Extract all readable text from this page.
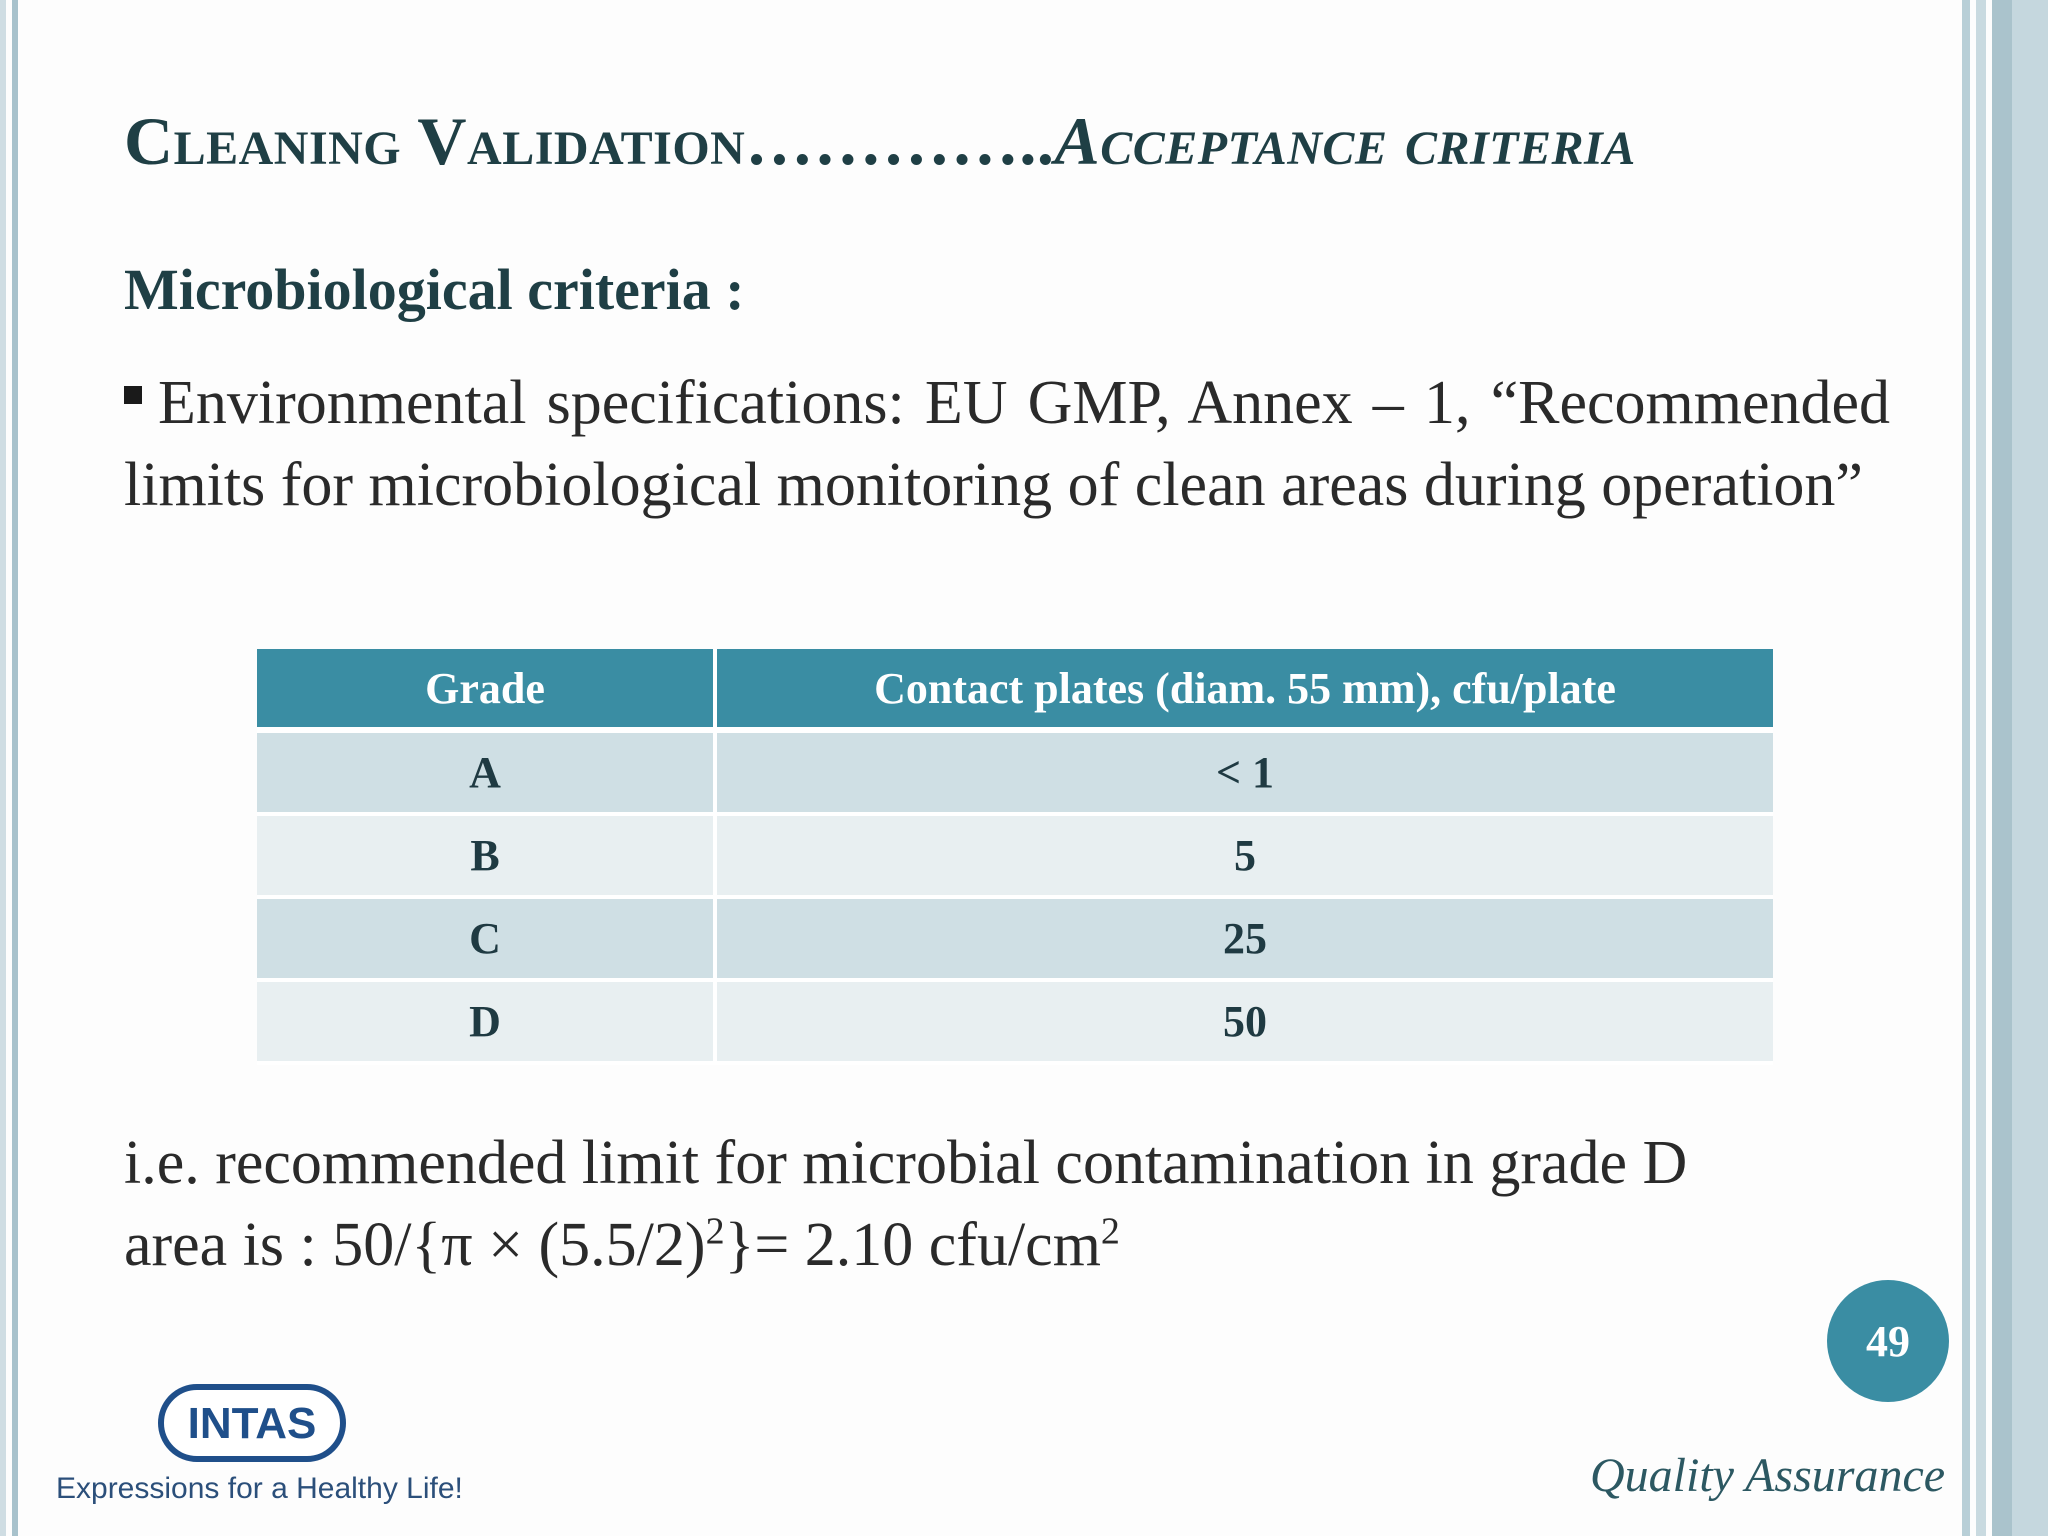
Cleaning Validation…………..Acceptance criteria
Microbiological criteria :

Environmental specifications: EU GMP, Annex – 1, “Recommended limits for microbiological monitoring of clean areas during operation”

Grade	Contact plates (diam. 55 mm), cfu/plate
A	< 1
B	5
C	25
D	50
i.e. recommended limit for microbial contamination in grade D
area is : $50/\{\pi \times (5.5/2)^2\}= 2.10$ cfu/$cm^2$
49
INTAS

Expressions for a Healthy Life!	Quality Assurance
